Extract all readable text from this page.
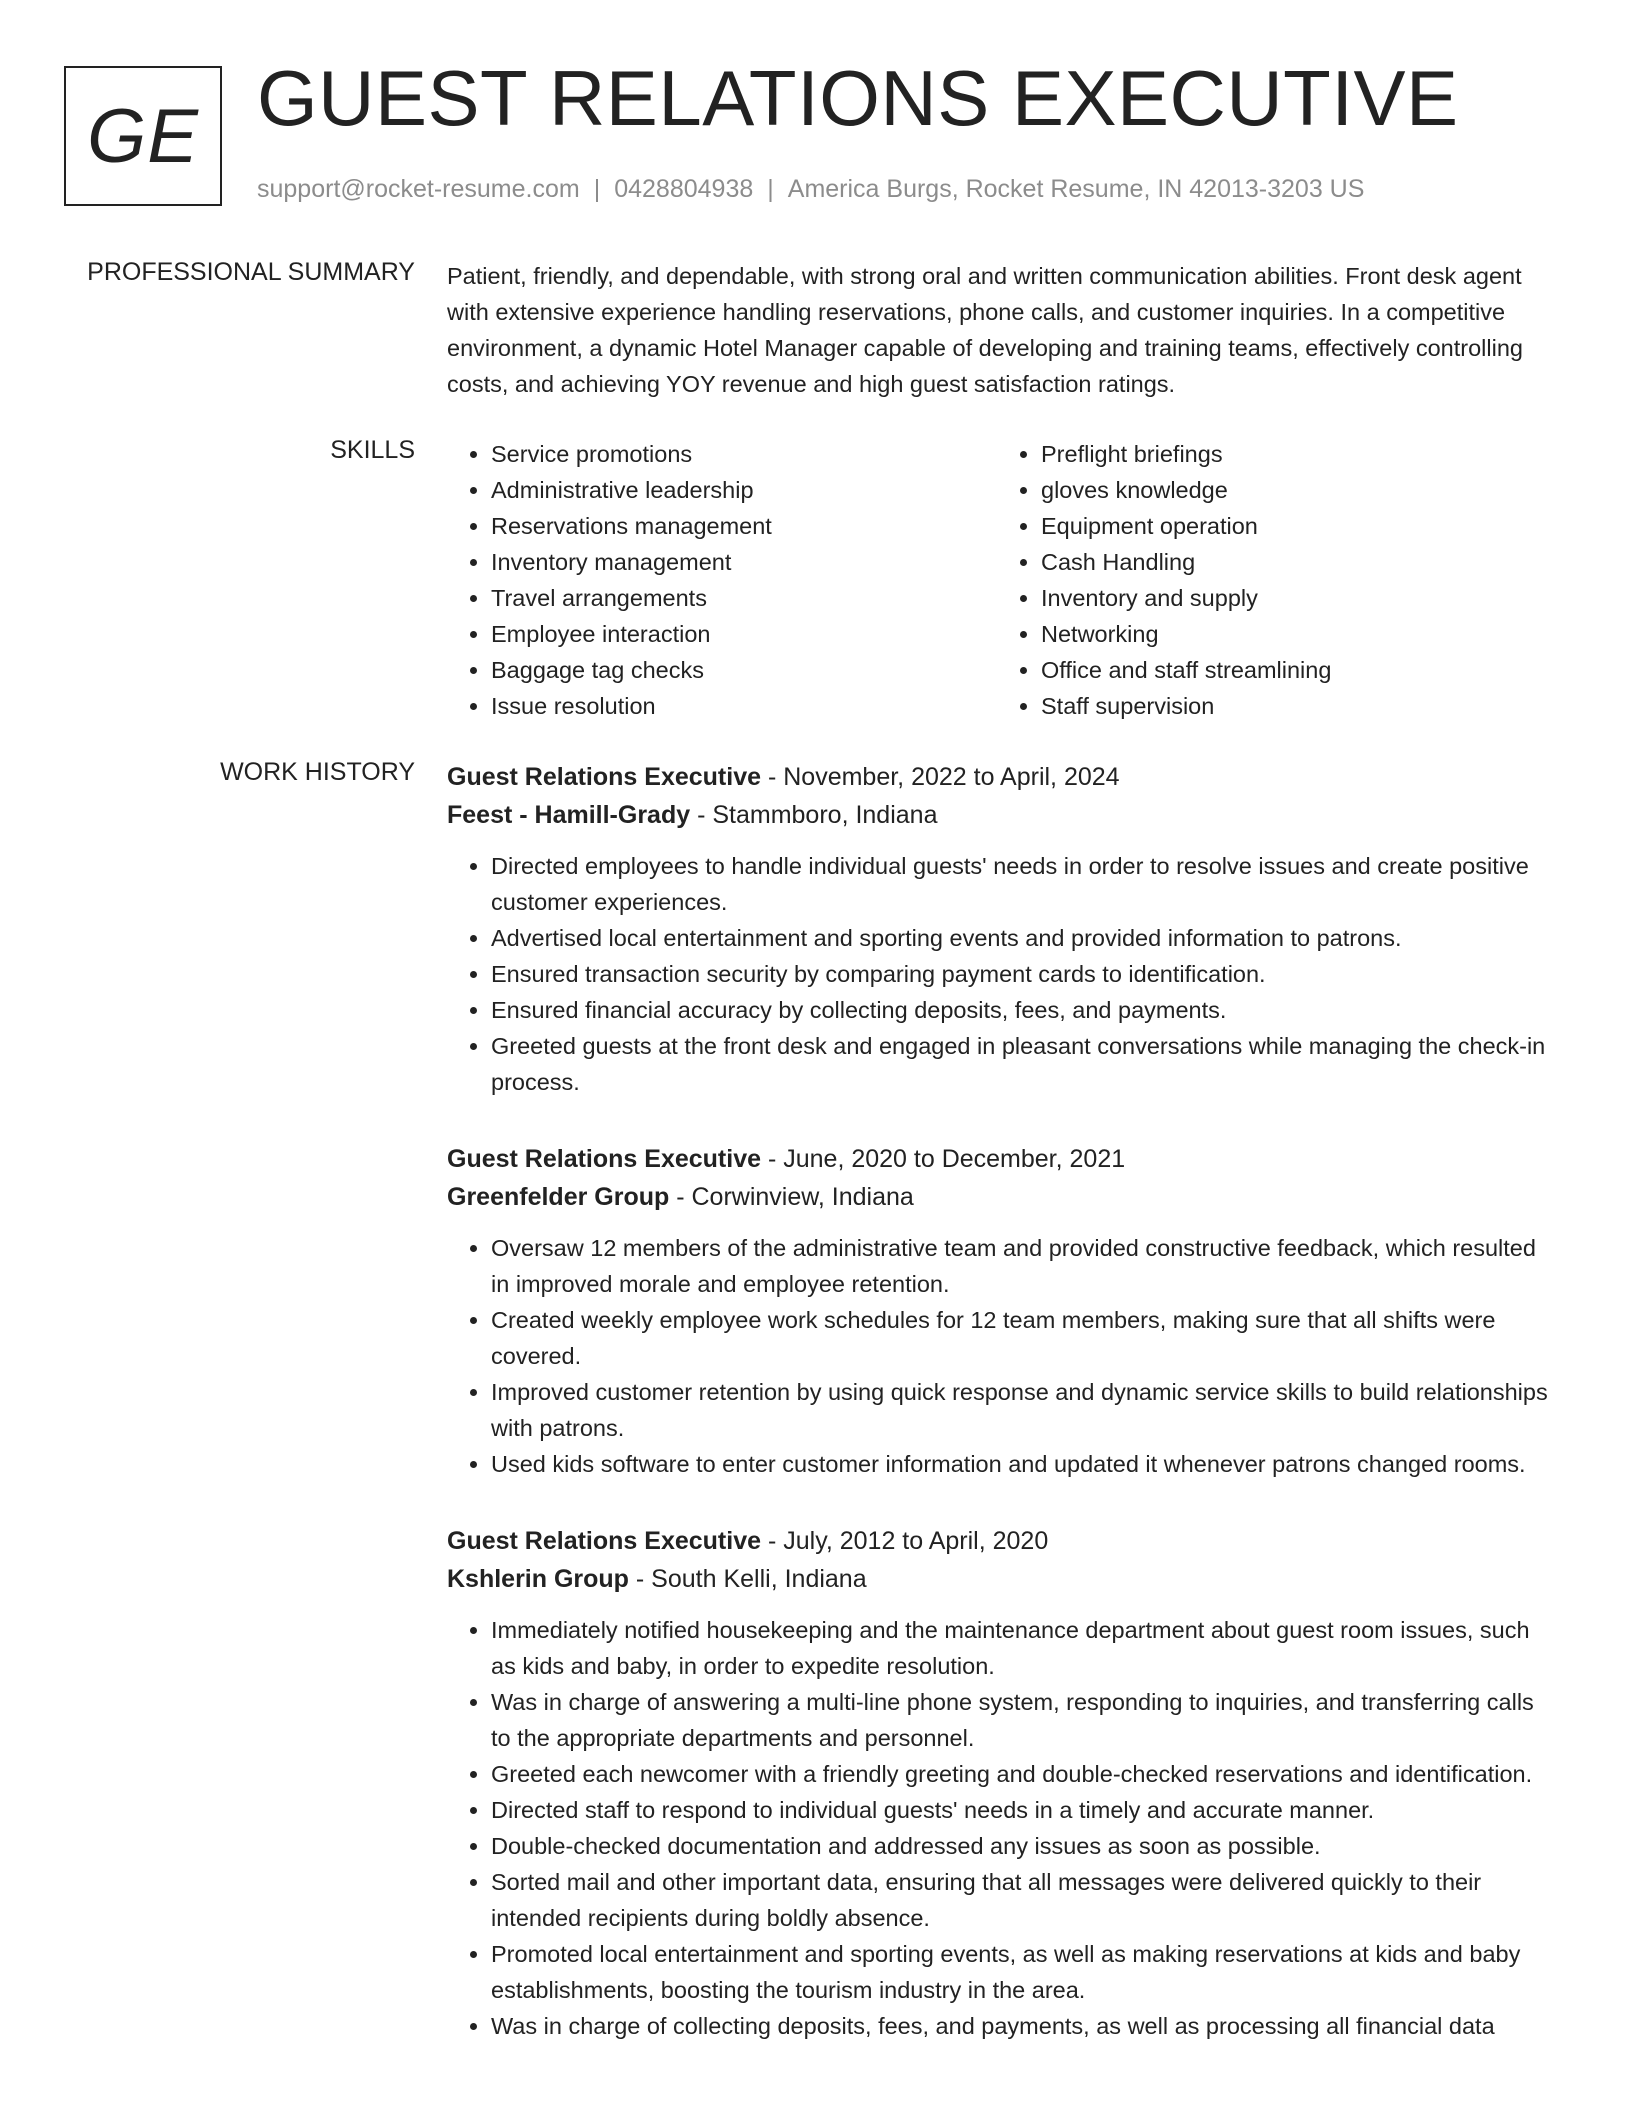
GE GUEST RELATIONS EXECUTIVE
support@rocket-resume.com | 0428804938 | America Burgs, Rocket Resume, IN 42013-3203 US
PROFESSIONAL SUMMARY Patient, friendly, and dependable, with strong oral and written communication abilities. Front desk agent with extensive experience handling reservations, phone calls, and customer inquiries. In a competitive environment, a dynamic Hotel Manager capable of developing and training teams, effectively controlling costs, and achieving YOY revenue and high guest satisfaction ratings.
SKILLS
•	Service promotions
• Administrative leadership
• Reservations management
• Inventory management
• Travel arrangements
• Employee interaction
• Baggage tag checks
• Issue resolution
• Preflight briefings
• gloves knowledge
• Equipment operation
• Cash Handling
• Inventory and supply
• Networking
• Office and staff streamlining
• Staff supervision
WORK HISTORY Guest Relations Executive - November, 2022 to April, 2024
Feest - Hamill-Grady - Stammboro, Indiana
• Directed employees to handle individual guests' needs in order to resolve issues and create positive customer experiences.
• Advertised local entertainment and sporting events and provided information to patrons.
• Ensured transaction security by comparing payment cards to identification.
• Ensured financial accuracy by collecting deposits, fees, and payments.
• Greeted guests at the front desk and engaged in pleasant conversations while managing the check-in process.
Guest Relations Executive - June, 2020 to December, 2021
Greenfelder Group - Corwinview, Indiana
• Oversaw 12 members of the administrative team and provided constructive feedback, which resulted in improved morale and employee retention.
• Created weekly employee work schedules for 12 team members, making sure that all shifts were covered.
• Improved customer retention by using quick response and dynamic service skills to build relationships with patrons.
• Used kids software to enter customer information and updated it whenever patrons changed rooms.
Guest Relations Executive - July, 2012 to April, 2020
Kshlerin Group - South Kelli, Indiana
• Immediately notified housekeeping and the maintenance department about guest room issues, such as kids and baby, in order to expedite resolution.
• Was in charge of answering a multi-line phone system, responding to inquiries, and transferring calls to the appropriate departments and personnel.
• Greeted each newcomer with a friendly greeting and double-checked reservations and identification.
• Directed staff to respond to individual guests' needs in a timely and accurate manner.
• Double-checked documentation and addressed any issues as soon as possible.
• Sorted mail and other important data, ensuring that all messages were delivered quickly to their intended recipients during boldly absence.
• Promoted local entertainment and sporting events, as well as making reservations at kids and baby establishments, boosting the tourism industry in the area.
• Was in charge of collecting deposits, fees, and payments, as well as processing all financial data
